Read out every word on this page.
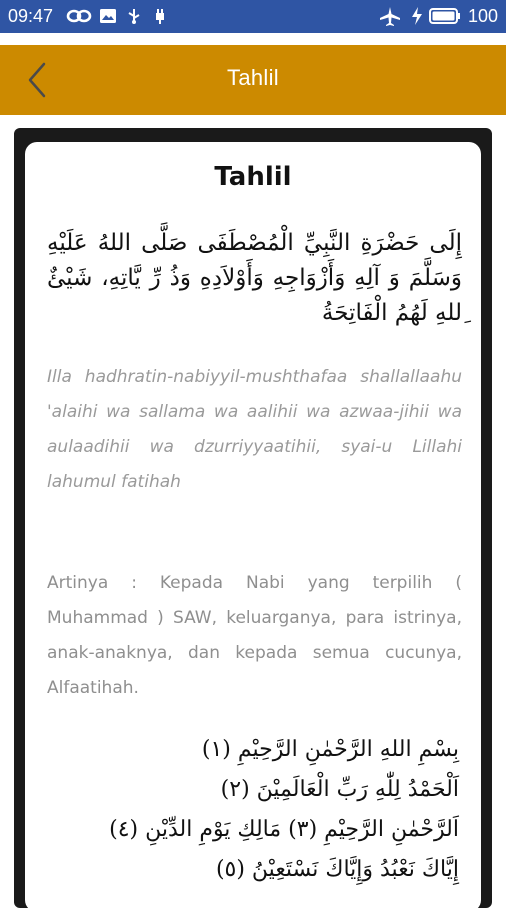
09:47	100
Tahlil
Tahlil
إِلَى حَضْرَةِ النَّبِيِّ الْمُصْطَفَى صَلَّى اللهُ عَلَيْهِ وَسَلَّمَ وَ آلِهِ وَأَزْوَاجِهِ وَأَوْلاَدِهِ وَذُ رِّ يَّاتِهِ، شَيْئٌ ِللهِ لَهُمُ الْفَاتِحَةُ
Illa hadhratin-nabiyyil-mushthafaa shallallaahu 'alaihi wa sallama wa aalihii wa azwaa-jihii wa aulaadihii wa dzurriyyaatihii, syai-u Lillahi lahumul fatihah
Artinya : Kepada Nabi yang terpilih ( Muhammad ) SAW, keluarganya, para istrinya, anak-anaknya, dan kepada semua cucunya, Alfaatihah.
بِسْمِ اللهِ الرَّحْمٰنِ الرَّحِيْمِ (١)
اَلْحَمْدُ لِلّٰهِ رَبِّ الْعَالَمِيْنَ (٢)
اَلرَّحْمٰنِ الرَّحِيْمِ (٣) مَالِكِ يَوْمِ الدِّيْنِ (٤)
إِيَّاكَ نَعْبُدُ وَإِيَّاكَ نَسْتَعِيْنُ (٥)
